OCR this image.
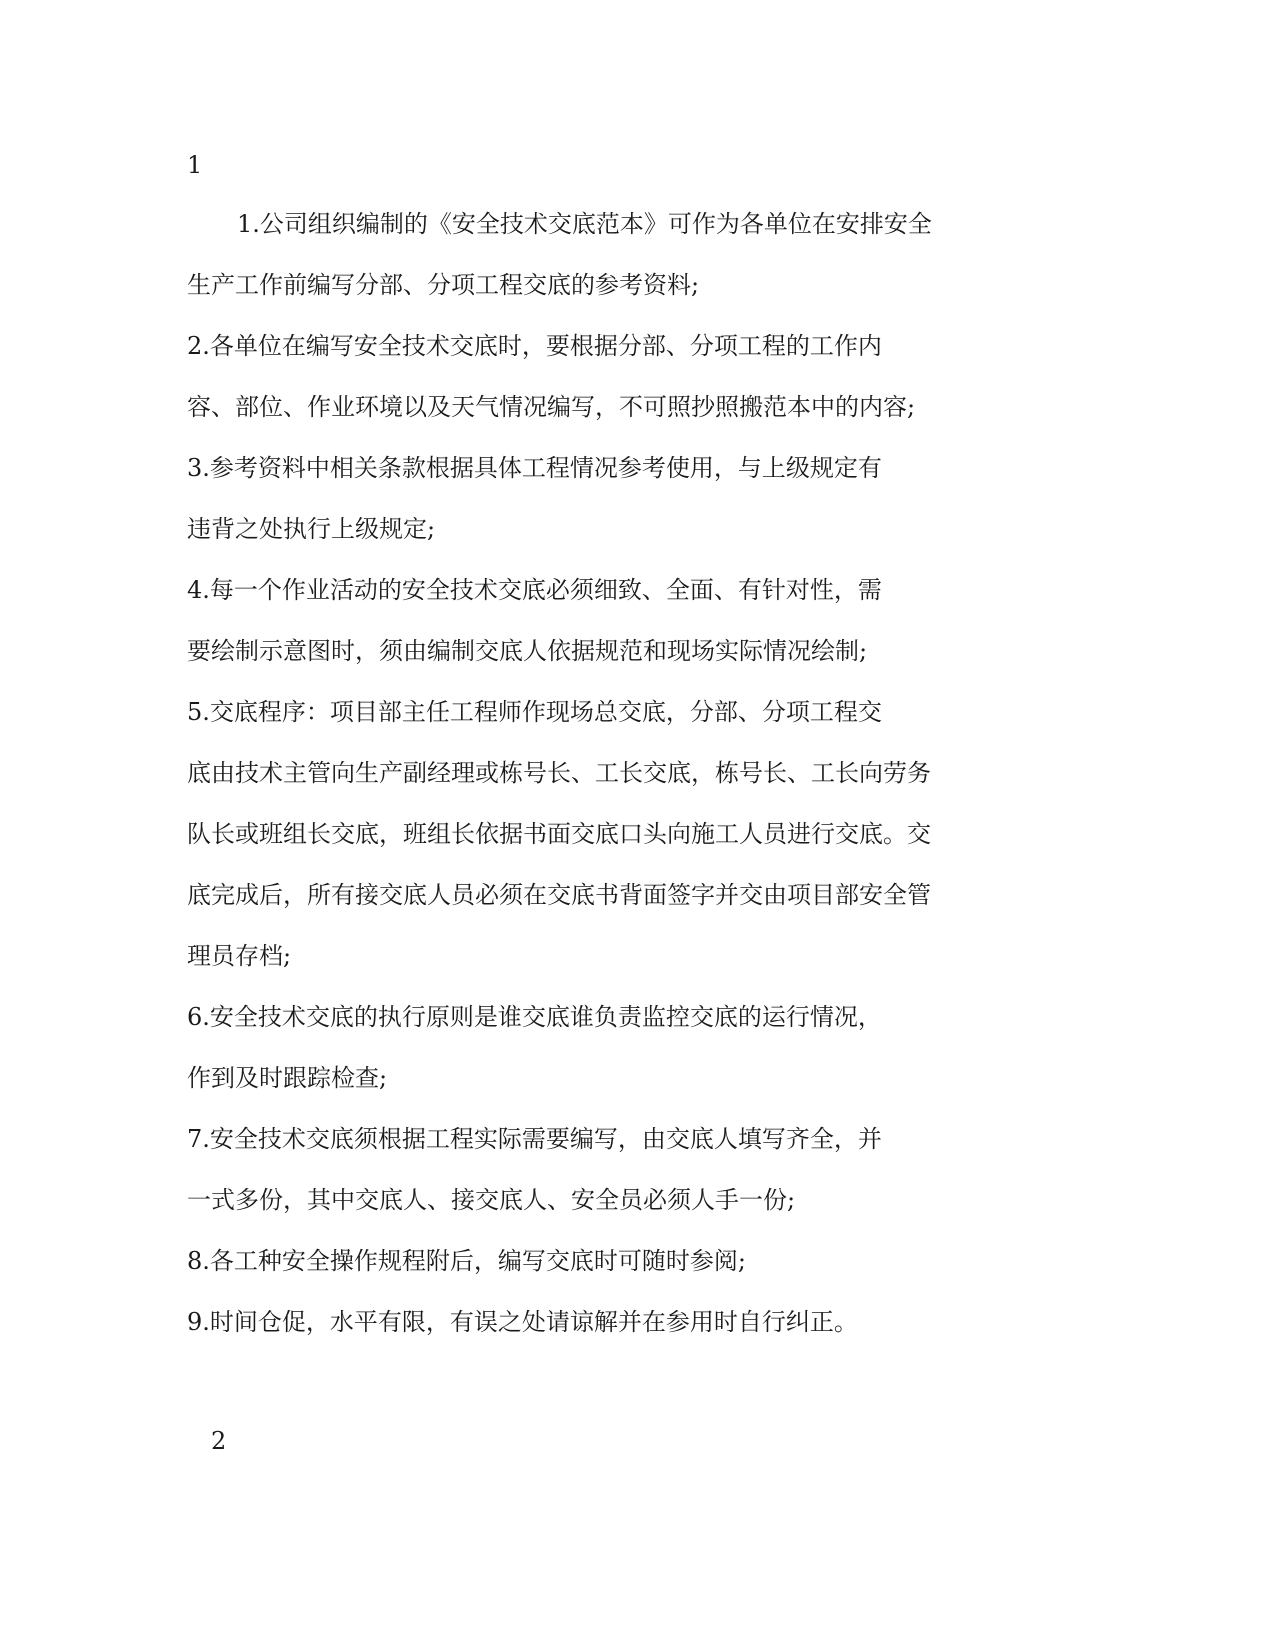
1
1.公司组织编制的《安全技术交底范本》可作为各单位在安排安全
生产工作前编写分部、分项工程交底的参考资料;
2.各单位在编写安全技术交底时，要根据分部、分项工程的工作内
容、部位、作业环境以及天气情况编写，不可照抄照搬范本中的内容;
3.参考资料中相关条款根据具体工程情况参考使用，与上级规定有
违背之处执行上级规定;
4.每一个作业活动的安全技术交底必须细致、全面、有针对性，需
要绘制示意图时，须由编制交底人依据规范和现场实际情况绘制;
5.交底程序：项目部主任工程师作现场总交底，分部、分项工程交
底由技术主管向生产副经理或栋号长、工长交底，栋号长、工长向劳务
队长或班组长交底，班组长依据书面交底口头向施工人员进行交底。交
底完成后，所有接交底人员必须在交底书背面签字并交由项目部安全管
理员存档;
6.安全技术交底的执行原则是谁交底谁负责监控交底的运行情况，
作到及时跟踪检查;
7.安全技术交底须根据工程实际需要编写，由交底人填写齐全，并
一式多份，其中交底人、接交底人、安全员必须人手一份;
8.各工种安全操作规程附后，编写交底时可随时参阅;
9.时间仓促，水平有限，有误之处请谅解并在参用时自行纠正。
2
